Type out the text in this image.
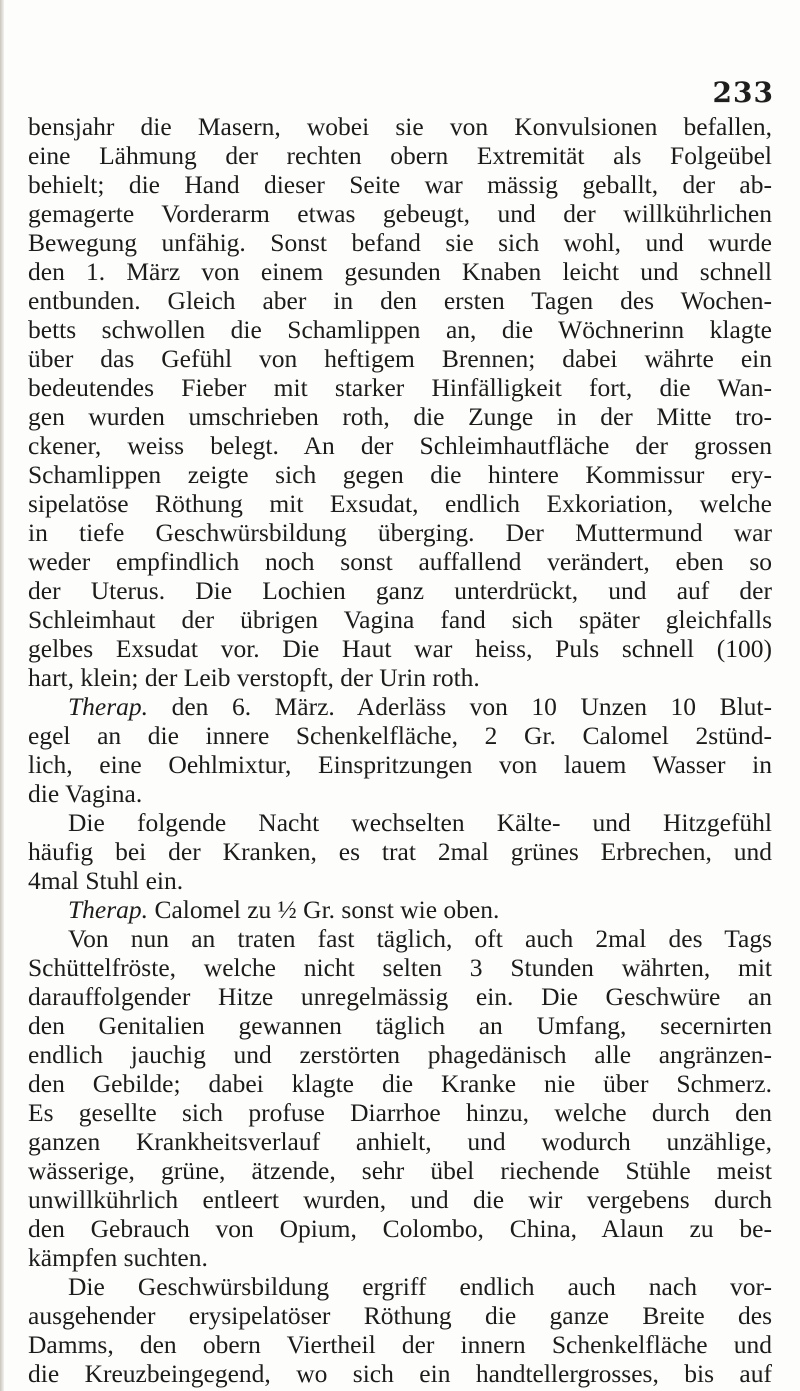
233

bensjahr die Masern, wobei sie von Konvulsionen befallen,
eine Lähmung der rechten obern Extremität als Folgeübel
behielt; die Hand dieser Seite war mässig geballt, der ab-
gemagerte Vorderarm etwas gebeugt, und der willkührlichen
Bewegung unfähig. Sonst befand sie sich wohl, und wurde
den 1. März von einem gesunden Knaben leicht und schnell
entbunden. Gleich aber in den ersten Tagen des Wochen-
betts schwollen die Schamlippen an, die Wöchnerinn klagte
über das Gefühl von heftigem Brennen; dabei währte ein
bedeutendes Fieber mit starker Hinfälligkeit fort, die Wan-
gen wurden umschrieben roth, die Zunge in der Mitte tro-
ckener, weiss belegt. An der Schleimhautfläche der grossen
Schamlippen zeigte sich gegen die hintere Kommissur ery-
sipelatöse Röthung mit Exsudat, endlich Exkoriation, welche
in tiefe Geschwürsbildung überging. Der Muttermund war
weder empfindlich noch sonst auffallend verändert, eben so
der Uterus. Die Lochien ganz unterdrückt, und auf der
Schleimhaut der übrigen Vagina fand sich später gleichfalls
gelbes Exsudat vor. Die Haut war heiss, Puls schnell (100)
hart, klein; der Leib verstopft, der Urin roth.

Therap. den 6. März. Aderläss von 10 Unzen 10 Blut-
egel an die innere Schenkelfläche, 2 Gr. Calomel 2stünd-
lich, eine Oehlmixtur, Einspritzungen von lauem Wasser in
die Vagina.

Die folgende Nacht wechselten Kälte- und Hitzgefühl
häufig bei der Kranken, es trat 2mal grünes Erbrechen, und
4mal Stuhl ein.

Therap. Calomel zu ½ Gr. sonst wie oben.

Von nun an traten fast täglich, oft auch 2mal des Tags
Schüttelfröste, welche nicht selten 3 Stunden währten, mit
darauffolgender Hitze unregelmässig ein. Die Geschwüre an
den Genitalien gewannen täglich an Umfang, secernirten
endlich jauchig und zerstörten phagedänisch alle angränzen-
den Gebilde; dabei klagte die Kranke nie über Schmerz.
Es gesellte sich profuse Diarrhoe hinzu, welche durch den
ganzen Krankheitsverlauf anhielt, und wodurch unzählige,
wässerige, grüne, ätzende, sehr übel riechende Stühle meist
unwillkührlich entleert wurden, und die wir vergebens durch
den Gebrauch von Opium, Colombo, China, Alaun zu be-
kämpfen suchten.

Die Geschwürsbildung ergriff endlich auch nach vor-
ausgehender erysipelatöser Röthung die ganze Breite des
Damms, den obern Viertheil der innern Schenkelfläche und
die Kreuzbeingegend, wo sich ein handtellergrosses, bis auf
